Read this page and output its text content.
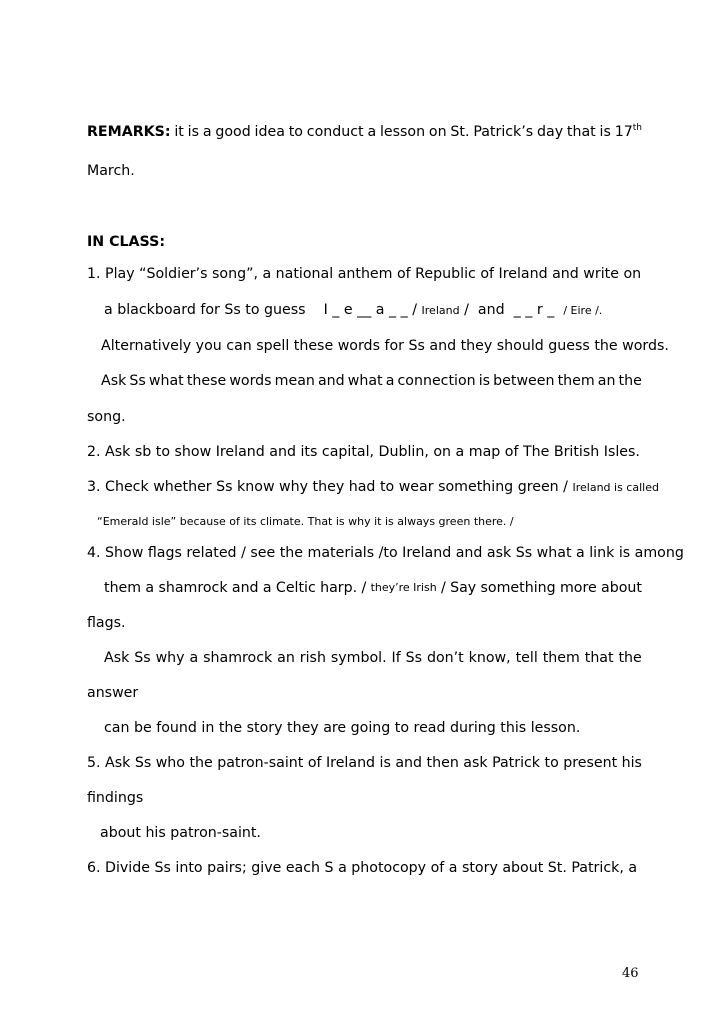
REMARKS: it is a good idea to conduct a lesson on St. Patrick’s day that is 17th
March.
IN CLASS:
1. Play “Soldier’s song”, a national anthem of Republic of Ireland and write on
a blackboard for Ss to guess I _ e __ a _ _ / Ireland / and _ _ r _ / Eire /.
Alternatively you can spell these words for Ss and they should guess the words.
Ask Ss what these words mean and what a connection is between them an the
song.
2. Ask sb to show Ireland and its capital, Dublin, on a map of The British Isles.
3. Check whether Ss know why they had to wear something green / Ireland is called
“Emerald isle” because of its climate. That is why it is always green there. /
4. Show flags related / see the materials /to Ireland and ask Ss what a link is among
them a shamrock and a Celtic harp. / they’re Irish / Say something more about
flags.
Ask Ss why a shamrock an rish symbol. If Ss don’t know, tell them that the
answer
can be found in the story they are going to read during this lesson.
5. Ask Ss who the patron-saint of Ireland is and then ask Patrick to present his
findings
about his patron-saint.
6. Divide Ss into pairs; give each S a photocopy of a story about St. Patrick, a
46
